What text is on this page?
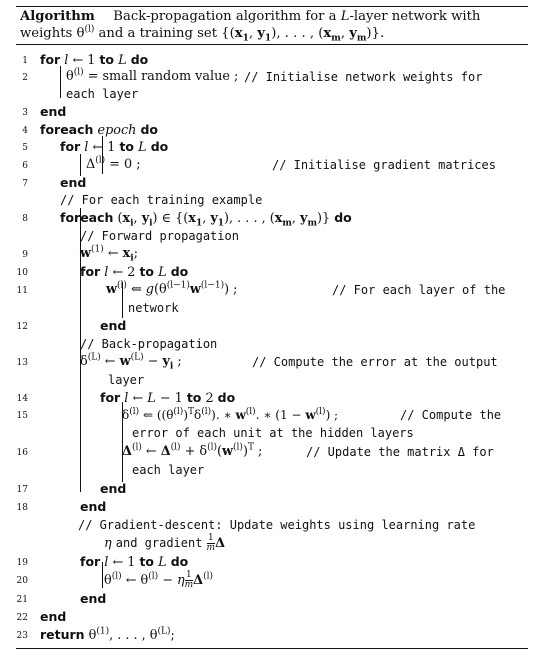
Algorithm Back-propagation algorithm for a L-layer network with
weights $\theta^{(l)}$ and a training set {($x_1$, $y_1$), . . . , ($x_m$, $y_m$)}.
1 for l ← 1 to L do
2	$\theta^{(l)}$ = small random value ; // Initialise network weights for
each layer
3 end
4 foreach epoch do
5	for l ← 1 to L do
6	$\Delta^{(l)} = 0$ ;	// Initialise gradient matrices
7	end
// For each training example
8	foreach ($x_i$, $y_i$) ∈ {($x_1$, $y_1$), . . . , ($x_m$, $y_m$)} do
// Forward propagation
9	$w^{(1)}$ ← $x_i$;
10	for l ← 2 to L do
11	$w^{(l)}$ ⇐ $g(\theta^{(l-1)}w^{(l-1)})$ ;	// For each layer of the
network
12	end
// Back-propagation
13	$\delta^{(L)}$ ← $w^{(L)} - y_i$ ;	// Compute the error at the output
layer
14	for l ← L − 1 to 2 do
15	$\delta^{(l)}$ ⇐ $((\theta^{(l)})^T\delta^{(l)})$. ∗ $w^{(l)}$. ∗ $(1 - w^{(l)})$ ;	// Compute the
error of each unit at the hidden layers
16	$\Delta^{(l)}$ ← $\Delta^{(l)} + \delta^{(l)}(w^{(l)})^T$ ;	// Update the matrix Δ for
each layer
17	end
18	end
// Gradient-descent: Update weights using learning rate
η and gradient $\frac{1}{m}$ Δ
19	for l ← 1 to L do
20	$\theta^{(l)}$ ← $\theta^{(l)} - \eta \frac{1}{m} \Delta^{(l)}$
21	end
22 end
23 return $\theta^{(1)}$, . . . , $\theta^{(L)}$;
